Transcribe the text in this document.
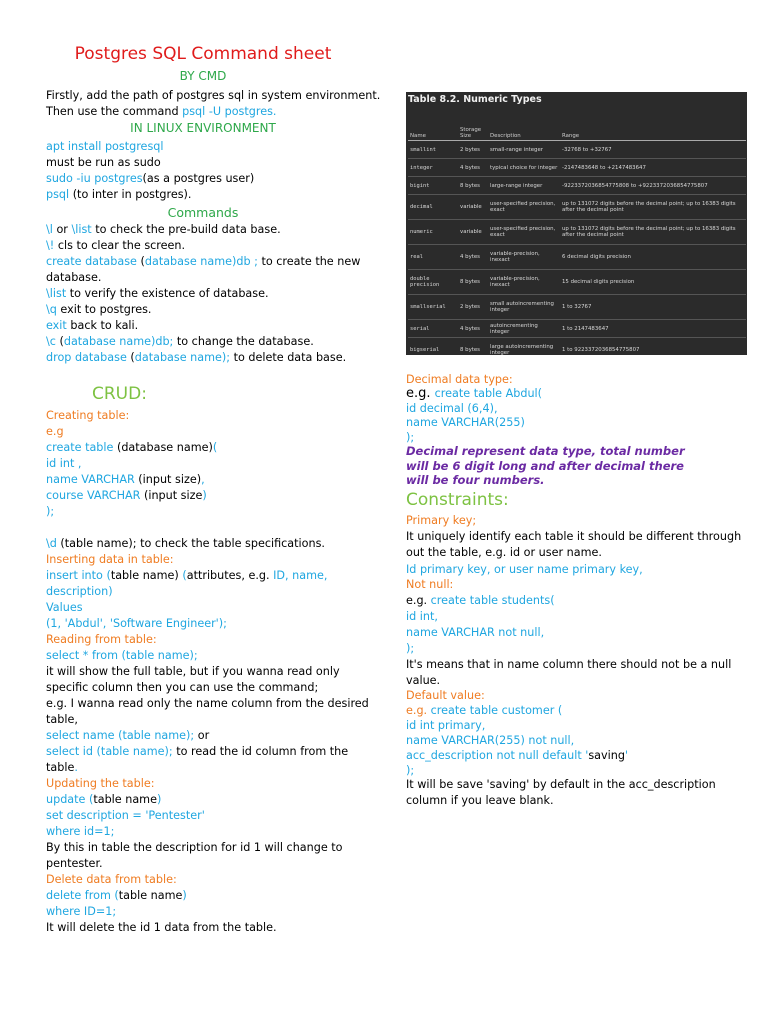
Postgres SQL Command sheet
BY CMD
Firstly, add the path of postgres sql in system environment.
Then use the command psql -U postgres.
IN LINUX ENVIRONMENT
apt install postgresql
must be run as sudo
sudo -iu postgres(as a postgres user)
psql (to inter in postgres).
Commands
\l or \list to check the pre-build data base.
\! cls to clear the screen.
create database (database name)db ; to create the new
database.
\list to verify the existence of database.
\q exit to postgres.
exit back to kali.
\c (database name)db; to change the database.
drop database (database name); to delete data base.
CRUD:
Creating table:
e.g
create table (database name)(
id int ,
name VARCHAR (input size),
course VARCHAR (input size)
);
\d (table name); to check the table specifications.
Inserting data in table:
insert into (table name) (attributes, e.g. ID, name,
description)
Values
(1, 'Abdul', 'Software Engineer');
Reading from table:
select * from (table name);
it will show the full table, but if you wanna read only
specific column then you can use the command;
e.g. I wanna read only the name column from the desired
table,
select name (table name); or
select id (table name); to read the id column from the
table.
Updating the table:
update (table name)
set description = 'Pentester'
where id=1;
By this in table the description for id 1 will change to
pentester.
Delete data from table:
delete from (table name)
where ID=1;
It will delete the id 1 data from the table.
Table 8.2. Numeric Types
Name	Storage Size	Description	Range
smallint	2 bytes	small-range integer	-32768 to +32767
integer	4 bytes	typical choice for integer	-2147483648 to +2147483647
bigint	8 bytes	large-range integer	-9223372036854775808 to +9223372036854775807
decimal	variable	user-specified precision, exact	up to 131072 digits before the decimal point; up to 16383 digits after the decimal point
numeric	variable	user-specified precision, exact	up to 131072 digits before the decimal point; up to 16383 digits after the decimal point
real	4 bytes	variable-precision, inexact	6 decimal digits precision
double precision	8 bytes	variable-precision, inexact	15 decimal digits precision
smallserial	2 bytes	small autoincrementing integer	1 to 32767
serial	4 bytes	autoincrementing integer	1 to 2147483647
bigserial	8 bytes	large autoincrementing integer	1 to 9223372036854775807
Decimal data type:
e.g. create table Abdul(
id decimal (6,4),
name VARCHAR(255)
);
Decimal represent data type, total number
will be 6 digit long and after decimal there
will be four numbers.
Constraints:
Primary key;
It uniquely identify each table it should be different through
out the table, e.g. id or user name.
Id primary key, or user name primary key,
Not null:
e.g. create table students(
id int,
name VARCHAR not null,
);
It's means that in name column there should not be a null
value.
Default value:
e.g. create table customer (
id int primary,
name VARCHAR(255) not null,
acc_description not null default 'saving'
);
It will be save 'saving' by default in the acc_description
column if you leave blank.
